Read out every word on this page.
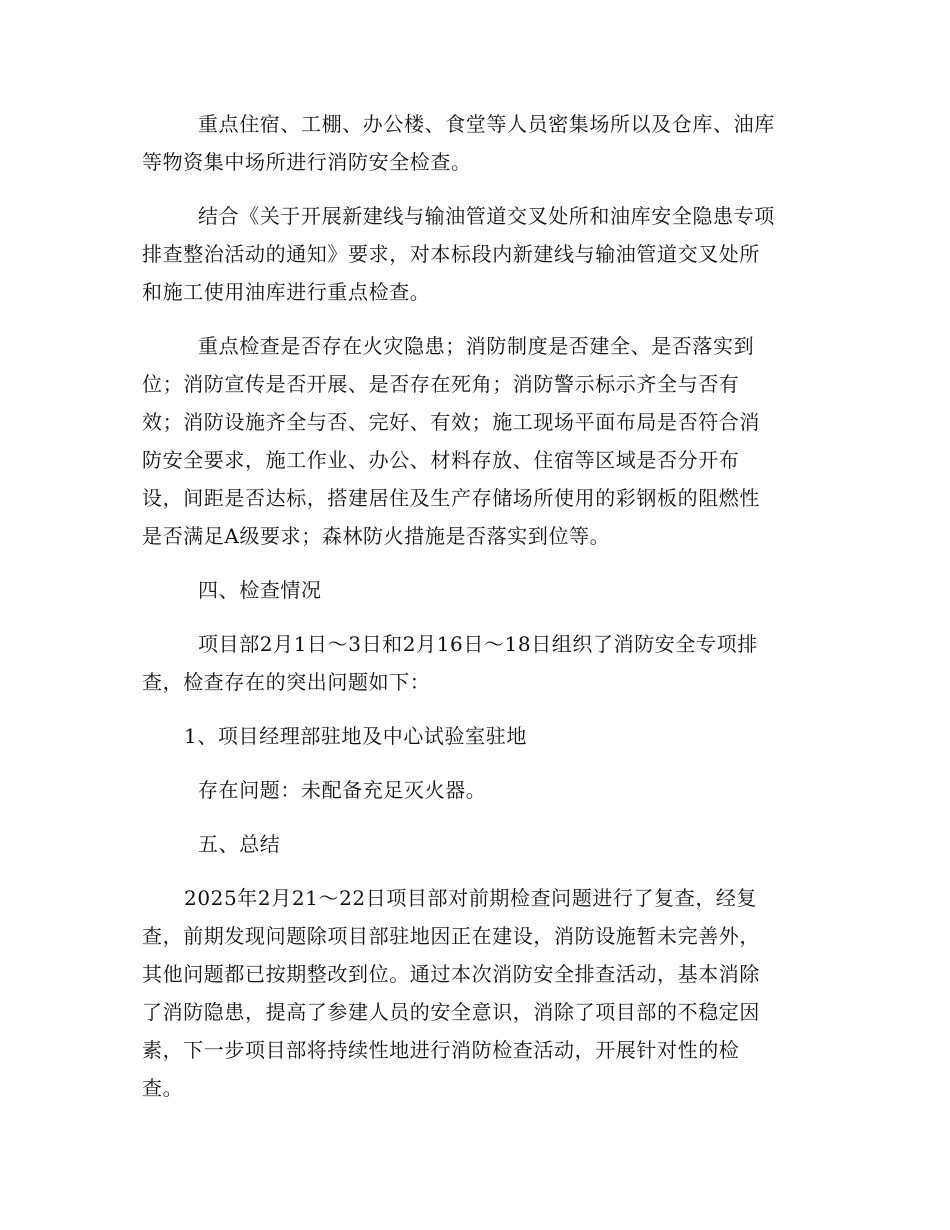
重点住宿、工棚、办公楼、食堂等人员密集场所以及仓库、油库
等物资集中场所进行消防安全检查。

结合《关于开展新建线与输油管道交叉处所和油库安全隐患专项
排查整治活动的通知》要求，对本标段内新建线与输油管道交叉处所
和施工使用油库进行重点检查。

重点检查是否存在火灾隐患；消防制度是否建全、是否落实到
位；消防宣传是否开展、是否存在死角；消防警示标示齐全与否有
效；消防设施齐全与否、完好、有效；施工现场平面布局是否符合消
防安全要求，施工作业、办公、材料存放、住宿等区域是否分开布
设，间距是否达标，搭建居住及生产存储场所使用的彩钢板的阻燃性
是否满足A级要求；森林防火措施是否落实到位等。

四、检查情况

项目部2月1日～3日和2月16日～18日组织了消防安全专项排
查，检查存在的突出问题如下：

1、项目经理部驻地及中心试验室驻地

存在问题：未配备充足灭火器。

五、总结

2025年2月21～22日项目部对前期检查问题进行了复查，经复
查，前期发现问题除项目部驻地因正在建设，消防设施暂未完善外，
其他问题都已按期整改到位。通过本次消防安全排查活动，基本消除
了消防隐患，提高了参建人员的安全意识，消除了项目部的不稳定因
素，下一步项目部将持续性地进行消防检查活动，开展针对性的检
查。
